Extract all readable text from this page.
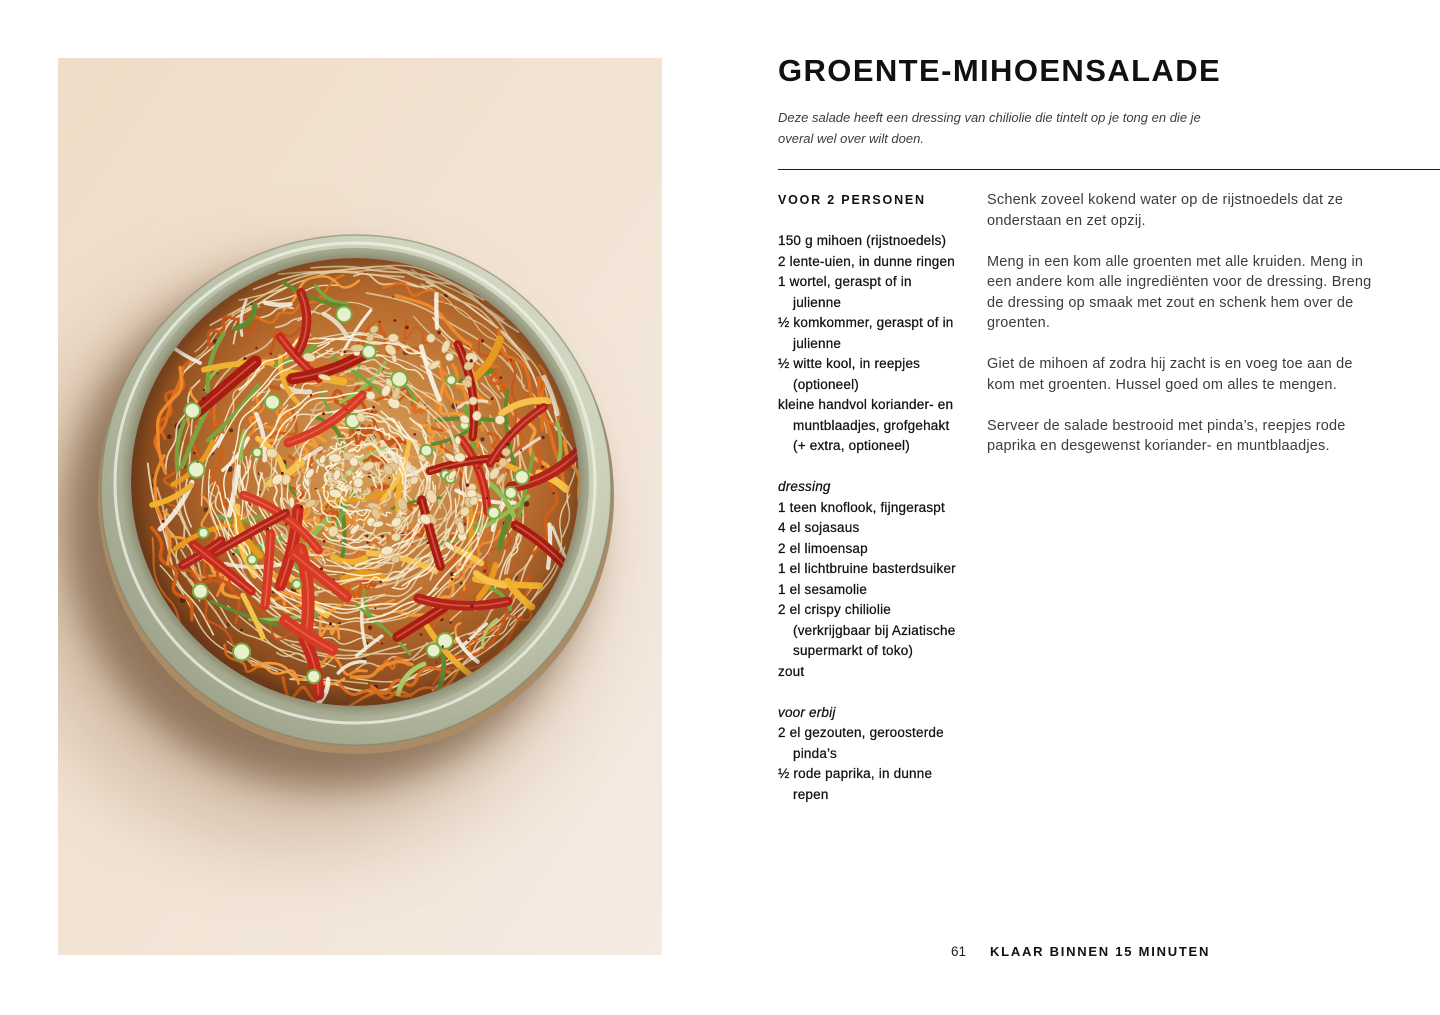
GROENTE-MIHOENSALADE
Deze salade heeft een dressing van chiliolie die tintelt op je tong en die je
overal wel over wilt doen.
VOOR 2 PERSONEN
150 g mihoen (rijstnoedels)
2 lente-uien, in dunne ringen
1 wortel, geraspt of in
julienne
½ komkommer, geraspt of in
julienne
½ witte kool, in reepjes
(optioneel)
kleine handvol koriander- en
muntblaadjes, grofgehakt
(+ extra, optioneel)
dressing
1 teen knoflook, fijngeraspt
4 el sojasaus
2 el limoensap
1 el lichtbruine basterdsuiker
1 el sesamolie
2 el crispy chiliolie
(verkrijgbaar bij Aziatische
supermarkt of toko)
zout
voor erbij
2 el gezouten, geroosterde
pinda’s
½ rode paprika, in dunne
repen
Schenk zoveel kokend water op de rijstnoedels dat ze
onderstaan en zet opzij.
Meng in een kom alle groenten met alle kruiden. Meng in
een andere kom alle ingrediënten voor de dressing. Breng
de dressing op smaak met zout en schenk hem over de
groenten.
Giet de mihoen af zodra hij zacht is en voeg toe aan de
kom met groenten. Hussel goed om alles te mengen.
Serveer de salade bestrooid met pinda’s, reepjes rode
paprika en desgewenst koriander- en muntblaadjes.
61 KLAAR BINNEN 15 MINUTEN
